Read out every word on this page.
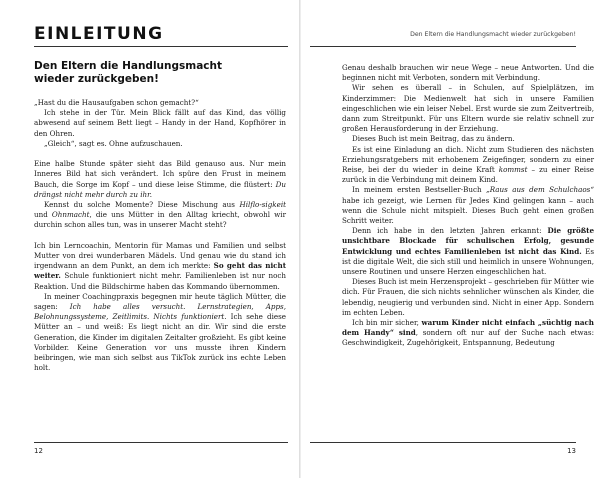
EINLEITUNG
Den Eltern die Handlungsmacht
wieder zurückgeben!

„Hast du die Hausaufgaben schon gemacht?“

Ich stehe in der Tür. Mein Blick fällt auf das Kind, das völlig abwesend auf seinem Bett liegt – Handy in der Hand, Kopfhörer in den Ohren.

„Gleich“, sagt es. Ohne aufzuschauen.

Eine halbe Stunde später sieht das Bild genauso aus. Nur mein Inneres Bild hat sich verändert. Ich spüre den Frust in meinem Bauch, die Sorge im Kopf – und diese leise Stimme, die flüstert: Du drängst nicht mehr durch zu ihr.

Kennst du solche Momente? Diese Mischung aus Hilflo-sigkeit und Ohnmacht, die uns Mütter in den Alltag kriecht, obwohl wir durchin schon alles tun, was in unserer Macht steht?

Ich bin Lerncoachin, Mentorin für Mamas und Familien und selbst Mutter von drei wunderbaren Mädels. Und genau wie du stand ich irgendwann an dem Punkt, an dem ich merkte: So geht das nicht weiter. Schule funktioniert nicht mehr. Familienleben ist nur noch Reaktion. Und die Bildschirme haben das Kommando übernommen.

In meiner Coachingpraxis begegnen mir heute täglich Mütter, die sagen: Ich habe alles versucht. Lernstrategien, Apps, Belohnungssysteme, Zeitlimits. Nichts funktioniert. Ich sehe diese Mütter an – und weiß: Es liegt nicht an dir. Wir sind die erste Generation, die Kinder im digitalen Zeitalter großzieht. Es gibt keine Vorbilder. Keine Generation vor uns musste ihren Kindern beibringen, wie man sich selbst aus TikTok zurück ins echte Leben holt.

12
Den Eltern die Handlungsmacht wieder zurückgeben!

Genau deshalb brauchen wir neue Wege – neue Antworten. Und die beginnen nicht mit Verboten, sondern mit Verbindung.

Wir sehen es überall – in Schulen, auf Spielplätzen, im Kinderzimmer: Die Medienwelt hat sich in unsere Familien eingeschlichen wie ein leiser Nebel. Erst wurde sie zum Zeitvertreib, dann zum Streitpunkt. Für uns Eltern wurde sie relativ schnell zur großen Herausforderung in der Erziehung.

Dieses Buch ist mein Beitrag, das zu ändern.

Es ist eine Einladung an dich. Nicht zum Studieren des nächsten Erziehungsratgebers mit erhobenem Zeigefinger, sondern zu einer Reise, bei der du wieder in deine Kraft kommst – zu einer Reise zurück in die Verbindung mit deinem Kind.

In meinem ersten Bestseller-Buch „Raus aus dem Schulchaos“ habe ich gezeigt, wie Lernen für Jedes Kind gelingen kann – auch wenn die Schule nicht mitspielt. Dieses Buch geht einen großen Schritt weiter.

Denn ich habe in den letzten Jahren erkannt: Die größte unsichtbare Blockade für schulischen Erfolg, gesunde Entwicklung und echtes Familienleben ist nicht das Kind. Es ist die digitale Welt, die sich still und heimlich in unsere Wohnungen, unsere Routinen und unsere Herzen eingeschlichen hat.

Dieses Buch ist mein Herzensprojekt – geschrieben für Mütter wie dich. Für Frauen, die sich nichts sehnlicher wünschen als Kinder, die lebendig, neugierig und verbunden sind. Nicht in einer App. Sondern im echten Leben.

Ich bin mir sicher, warum Kinder nicht einfach „süchtig nach dem Handy“ sind, sondern oft nur auf der Suche nach etwas: Geschwindigkeit, Zugehörigkeit, Entspannung, Bedeutung

13
